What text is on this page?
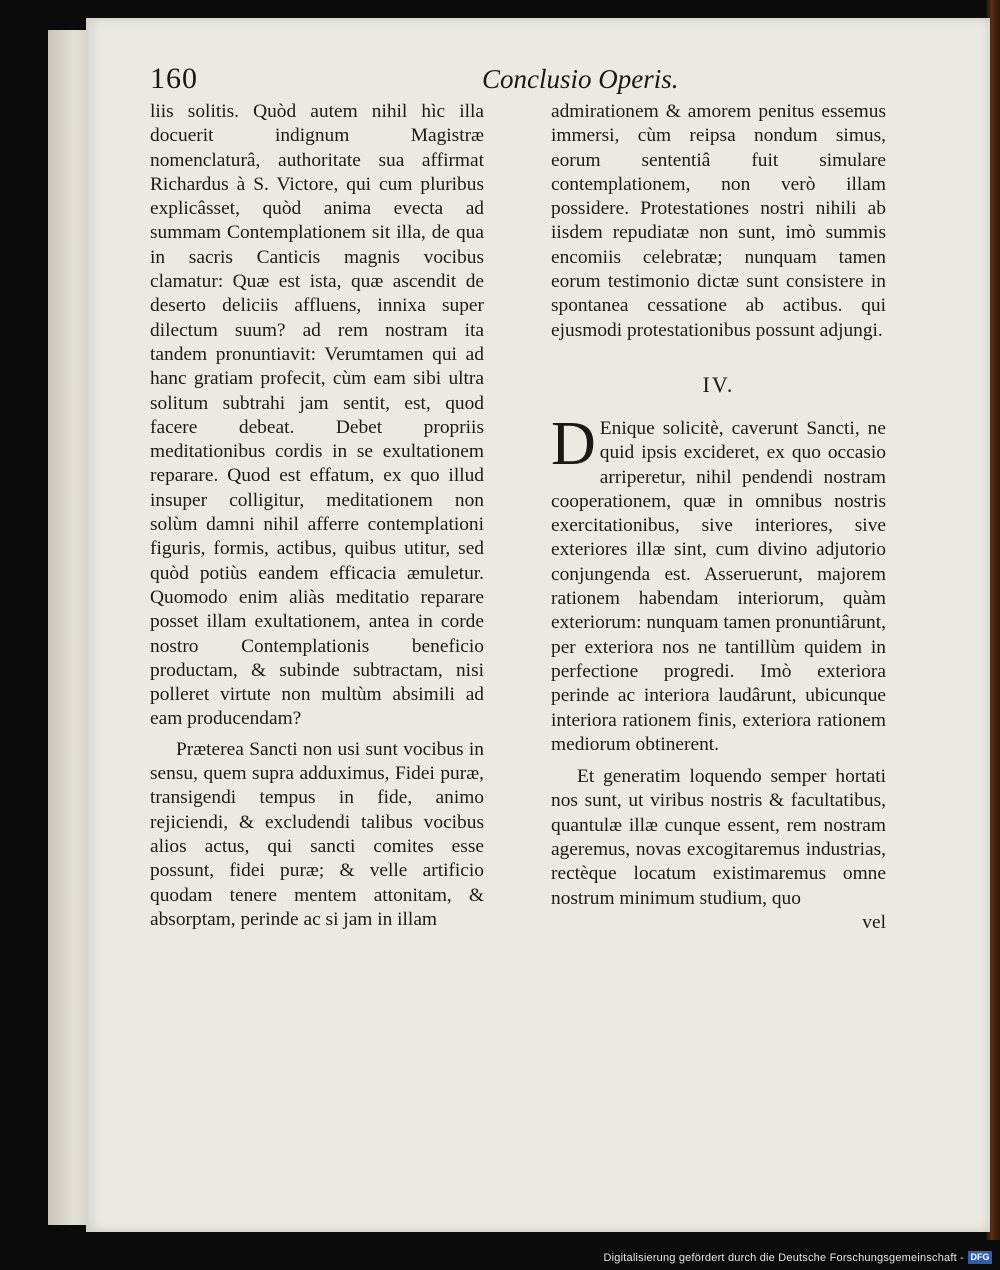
160	Conclusio Operis.

liis solitis. Quòd autem nihil hìc illa docuerit indignum Magistræ nomenclaturâ, authoritate sua affirmat Richardus à S. Victore, qui cum pluribus explicâsset, quòd anima evecta ad summam Contemplationem sit illa, de qua in sacris Canticis magnis vocibus clamatur: Quæ est ista, quæ ascendit de deserto deliciis affluens, innixa super dilectum suum? ad rem nostram ita tandem pronuntiavit: Verumtamen qui ad hanc gratiam profecit, cùm eam sibi ultra solitum subtrahi jam sentit, est, quod facere debeat. Debet propriis meditationibus cordis in se exultationem reparare. Quod est effatum, ex quo illud insuper colligitur, meditationem non solùm damni nihil afferre contemplationi figuris, formis, actibus, quibus utitur, sed quòd potiùs eandem efficacia æmuletur. Quomodo enim aliàs meditatio reparare posset illam exultationem, antea in corde nostro Contemplationis beneficio productam, & subinde subtractam, nisi polleret virtute non multùm absimili ad eam producendam?

Præterea Sancti non usi sunt vocibus in sensu, quem supra adduximus, Fidei puræ, transigendi tempus in fide, animo rejiciendi, & excludendi talibus vocibus alios actus, qui sancti comites esse possunt, fidei puræ; & velle artificio quodam tenere mentem attonitam, & absorptam, perinde ac si jam in illam

admirationem & amorem penitus essemus immersi, cùm reipsa nondum simus, eorum sententiâ fuit simulare contemplationem, non verò illam possidere. Protestationes nostri nihili ab iisdem repudiatæ non sunt, imò summis encomiis celebratæ; nunquam tamen eorum testimonio dictæ sunt consistere in spontanea cessatione ab actibus. qui ejusmodi protestationibus possunt adjungi.

IV.

D Enique solicitè, caverunt Sancti, ne quid ipsis excideret, ex quo occasio arriperetur, nihil pendendi nostram cooperationem, quæ in omnibus nostris exercitationibus, sive interiores, sive exteriores illæ sint, cum divino adjutorio conjungenda est. Asseruerunt, majorem rationem habendam interiorum, quàm exteriorum: nunquam tamen pronuntiârunt, per exteriora nos ne tantillùm quidem in perfectione progredi. Imò exteriora perinde ac interiora laudârunt, ubicunque interiora rationem finis, exteriora rationem mediorum obtinerent.

Et generatim loquendo semper hortati nos sunt, ut viribus nostris & facultatibus, quantulæ illæ cunque essent, rem nostram ageremus, novas excogitaremus industrias, rectèque locatum existimaremus omne nostrum minimum studium, quo

vel
Digitalisierung gefördert durch die Deutsche Forschungsgemeinschaft - DFG
